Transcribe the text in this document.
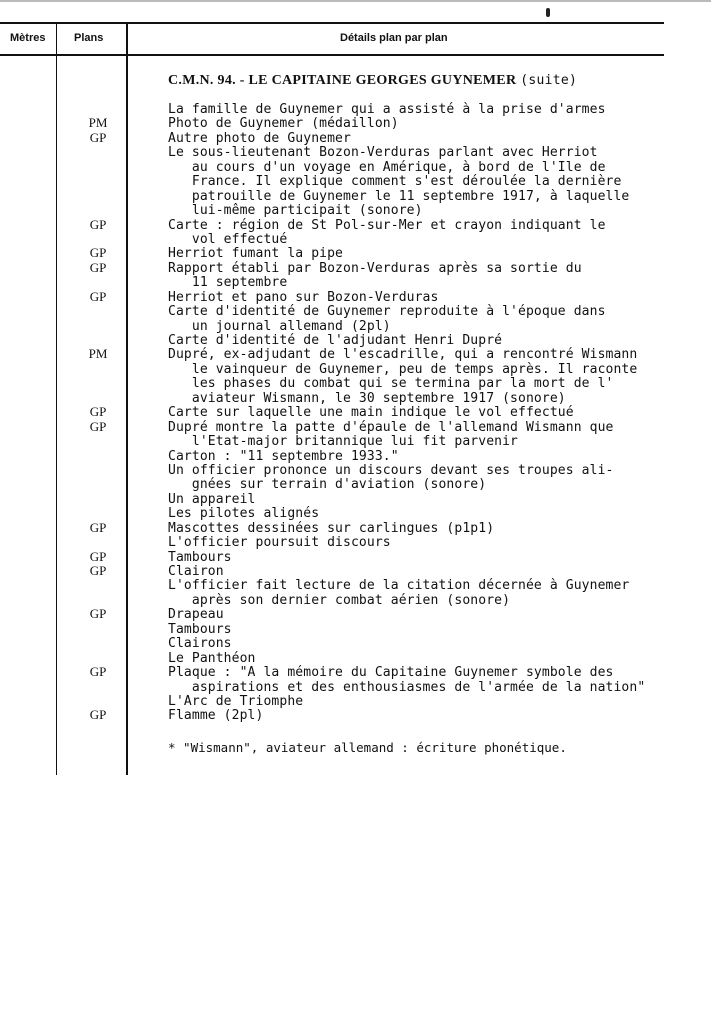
Mètres	Plans	Détails plan par plan
C.M.N. 94. - LE CAPITAINE GEORGES GUYNEMER (suite)
La famille de Guynemer qui a assisté à la prise d'armes
PM	Photo de Guynemer (médaillon)
GP	Autre photo de Guynemer
Le sous-lieutenant Bozon-Verduras parlant avec Herriot
au cours d'un voyage en Amérique, à bord de l'Ile de
France. Il explique comment s'est déroulée la dernière
patrouille de Guynemer le 11 septembre 1917, à laquelle
lui-même participait (sonore)
GP	Carte : région de St Pol-sur-Mer et crayon indiquant le
vol effectué
GP	Herriot fumant la pipe
GP	Rapport établi par Bozon-Verduras après sa sortie du
11 septembre
GP	Herriot et pano sur Bozon-Verduras
Carte d'identité de Guynemer reproduite à l'époque dans
un journal allemand (2pl)
Carte d'identité de l'adjudant Henri Dupré
PM	Dupré, ex-adjudant de l'escadrille, qui a rencontré Wismann
le vainqueur de Guynemer, peu de temps après. Il raconte
les phases du combat qui se termina par la mort de l'
aviateur Wismann, le 30 septembre 1917 (sonore)
GP	Carte sur laquelle une main indique le vol effectué
GP	Dupré montre la patte d'épaule de l'allemand Wismann que
l'Etat-major britannique lui fit parvenir
Carton : "11 septembre 1933."
Un officier prononce un discours devant ses troupes ali-
gnées sur terrain d'aviation (sonore)
Un appareil
Les pilotes alignés
GP	Mascottes dessinées sur carlingues (p1p1)
L'officier poursuit discours
GP	Tambours
GP	Clairon
L'officier fait lecture de la citation décernée à Guynemer
après son dernier combat aérien (sonore)
GP	Drapeau
Tambours
Clairons
Le Panthéon
GP	Plaque : "A la mémoire du Capitaine Guynemer symbole des
aspirations et des enthousiasmes de l'armée de la nation"
L'Arc de Triomphe
GP	Flamme (2pl)
* "Wismann", aviateur allemand : écriture phonétique.
